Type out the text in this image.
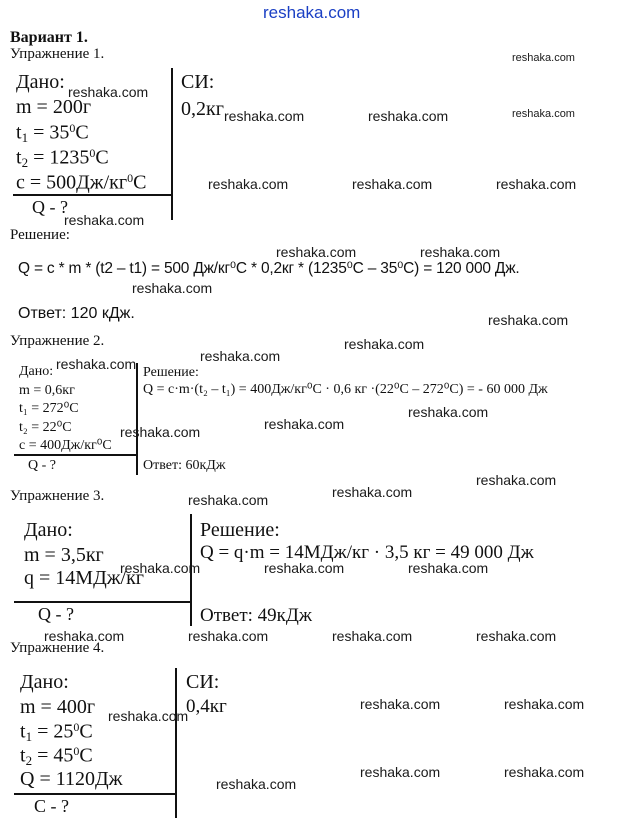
reshaka.com
Вариант 1.
Упражнение 1.
Дано:
m = 200г
$t_1 = 35^0C$
$t_2 = 1235^0C$
$c = 500Дж/кг^0C$
Q - ?
СИ:
0,2кг
Решение:
Q = c * m * (t2 – t1) = 500 Дж/кг⁰C * 0,2кг * (1235⁰C – 35⁰C) = 120 000 Дж.
Ответ: 120 кДж.
Упражнение 2.
Дано:
m = 0,6кг
t₁ = 272⁰C
t₂ = 22⁰C
c = 400Дж/кг⁰C
Q - ?
Решение:
Q = c·m·(t₂ – t₁) = 400Дж/кг⁰C · 0,6 кг ·(22⁰C – 272⁰C) = - 60 000 Дж
Ответ: 60кДж
Упражнение 3.
Дано:
m = 3,5кг
q = 14МДж/кг
Q - ?
Решение:
Q = q·m = 14МДж/кг · 3,5 кг = 49 000 Дж
Ответ: 49кДж
Упражнение 4.
Дано:
m = 400г
$t_1 = 25^0C$
$t_2 = 45^0C$
Q = 1120Дж
C - ?
СИ:
0,4кг
reshaka.com
reshaka.com
reshaka.com	reshaka.com	reshaka.com
reshaka.com	reshaka.com	reshaka.com
reshaka.com
reshaka.com	reshaka.com
reshaka.com
reshaka.com
reshaka.com
reshaka.com
reshaka.com
reshaka.com
reshaka.com
reshaka.com
reshaka.com
reshaka.com
reshaka.com
reshaka.com	reshaka.com	reshaka.com
reshaka.com	reshaka.com	reshaka.com	reshaka.com
reshaka.com	reshaka.com
reshaka.com
reshaka.com	reshaka.com
reshaka.com
